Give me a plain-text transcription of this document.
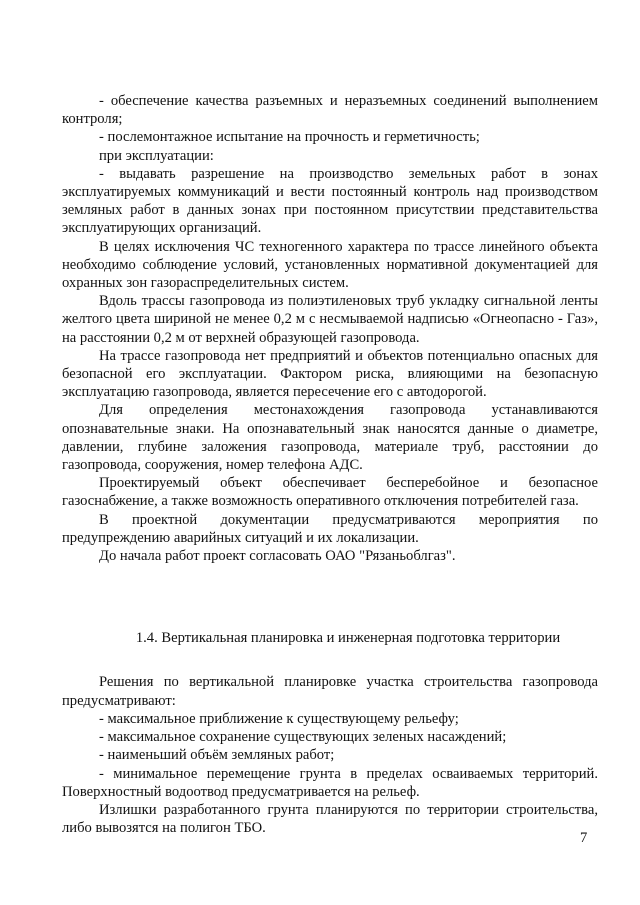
- обеспечение качества разъемных и неразъемных соединений выполнением контроля;

- послемонтажное испытание на прочность и герметичность;

при эксплуатации:

- выдавать разрешение на производство земельных работ в зонах эксплуатируемых коммуникаций и вести постоянный контроль над производством земляных работ в данных зонах при постоянном присутствии представительства эксплуатирующих организаций.

В целях исключения ЧС техногенного характера по трассе линейного объекта необходимо соблюдение условий, установленных нормативной документацией для охранных зон газораспределительных систем.

Вдоль трассы газопровода из полиэтиленовых труб укладку сигнальной ленты желтого цвета шириной не менее 0,2 м с несмываемой надписью «Огнеопасно - Газ», на расстоянии 0,2 м от верхней образующей газопровода.

На трассе газопровода нет предприятий и объектов потенциально опасных для безопасной его эксплуатации. Фактором риска, влияющими на безопасную эксплуатацию газопровода, является пересечение его с автодорогой.

Для определения местонахождения газопровода устанавливаются опознавательные знаки. На опознавательный знак наносятся данные о диаметре, давлении, глубине заложения газопровода, материале труб, расстоянии до газопровода, сооружения, номер телефона АДС.

Проектируемый объект обеспечивает бесперебойное и безопасное газоснабжение, а также возможность оперативного отключения потребителей газа.

В проектной документации предусматриваются мероприятия по предупреждению аварийных ситуаций и их локализации.

До начала работ проект согласовать ОАО "Рязаньоблгаз".

1.4. Вертикальная планировка и инженерная подготовка территории

Решения по вертикальной планировке участка строительства газопровода предусматривают:

- максимальное приближение к существующему рельефу;

- максимальное сохранение существующих зеленых насаждений;

- наименьший объём земляных работ;

- минимальное перемещение грунта в пределах осваиваемых территорий. Поверхностный водоотвод предусматривается на рельеф.

Излишки разработанного грунта планируются по территории строительства, либо вывозятся на полигон ТБО.

7
